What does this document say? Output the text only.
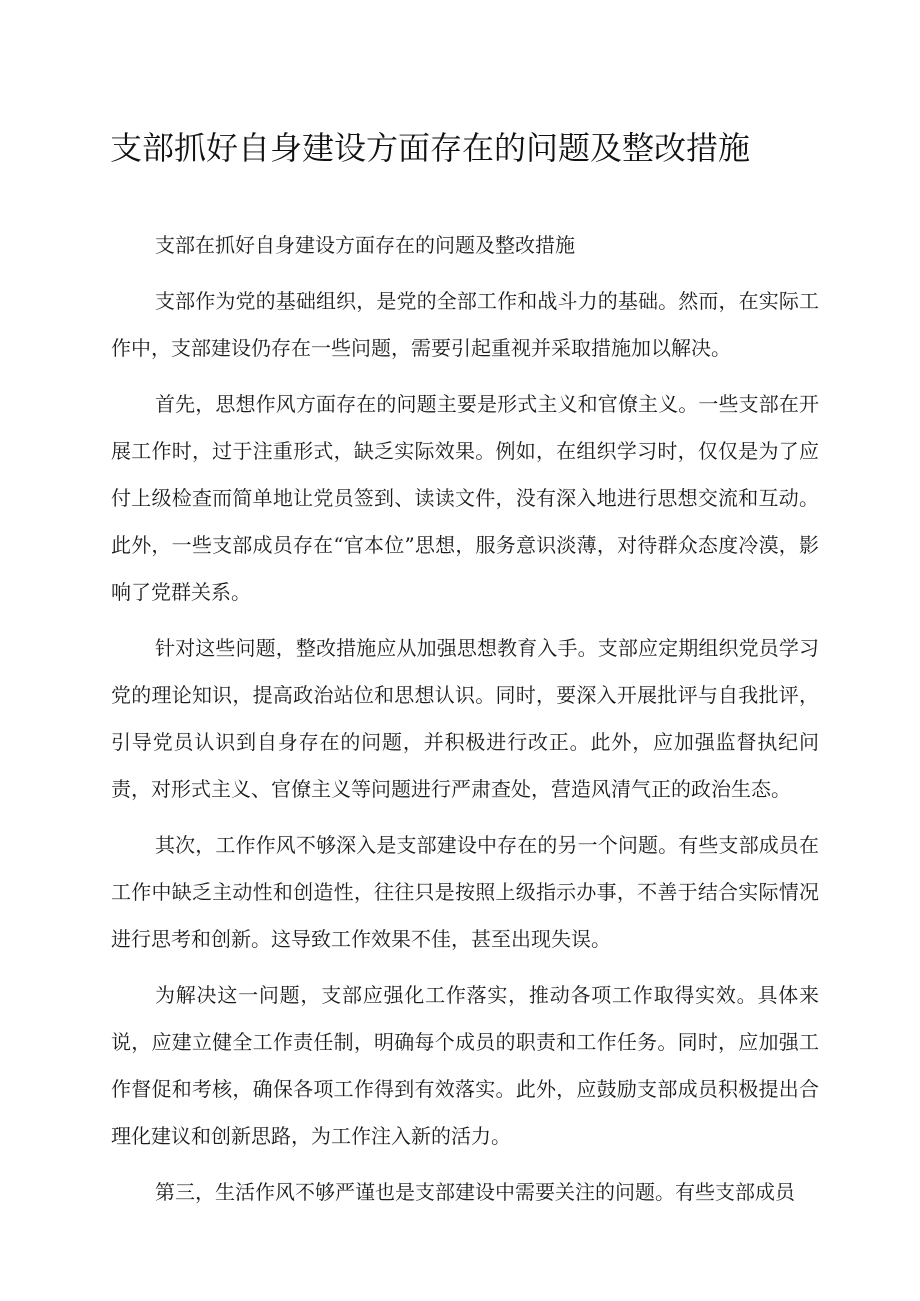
支部抓好自身建设方面存在的问题及整改措施

支部在抓好自身建设方面存在的问题及整改措施

支部作为党的基础组织，是党的全部工作和战斗力的基础。然而，在实际工作中，支部建设仍存在一些问题，需要引起重视并采取措施加以解决。

首先，思想作风方面存在的问题主要是形式主义和官僚主义。一些支部在开展工作时，过于注重形式，缺乏实际效果。例如，在组织学习时，仅仅是为了应付上级检查而简单地让党员签到、读读文件，没有深入地进行思想交流和互动。此外，一些支部成员存在“官本位”思想，服务意识淡薄，对待群众态度冷漠，影响了党群关系。

针对这些问题，整改措施应从加强思想教育入手。支部应定期组织党员学习党的理论知识，提高政治站位和思想认识。同时，要深入开展批评与自我批评，引导党员认识到自身存在的问题，并积极进行改正。此外，应加强监督执纪问责，对形式主义、官僚主义等问题进行严肃查处，营造风清气正的政治生态。

其次，工作作风不够深入是支部建设中存在的另一个问题。有些支部成员在工作中缺乏主动性和创造性，往往只是按照上级指示办事，不善于结合实际情况进行思考和创新。这导致工作效果不佳，甚至出现失误。

为解决这一问题，支部应强化工作落实，推动各项工作取得实效。具体来说，应建立健全工作责任制，明确每个成员的职责和工作任务。同时，应加强工作督促和考核，确保各项工作得到有效落实。此外，应鼓励支部成员积极提出合理化建议和创新思路，为工作注入新的活力。

第三，生活作风不够严谨也是支部建设中需要关注的问题。有些支部成员
